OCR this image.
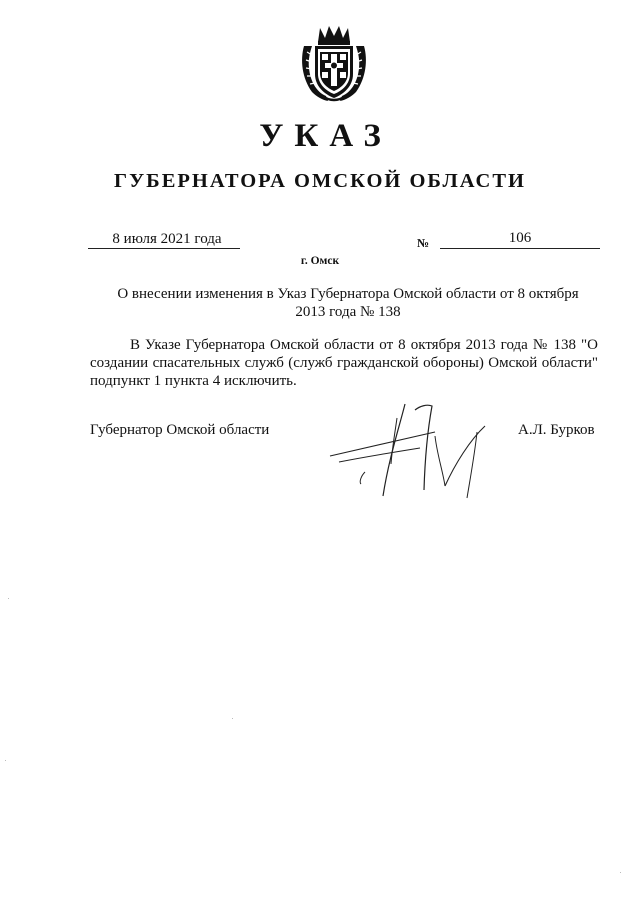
УКАЗ
ГУБЕРНАТОРА ОМСКОЙ ОБЛАСТИ
8 июля 2021 года	№	106
г. Омск
О внесении изменения в Указ Губернатора Омской области от 8 октября 2013 года № 138
В Указе Губернатора Омской области от 8 октября 2013 года № 138 "О создании спасательных служб (служб гражданской обороны) Омской области" подпункт 1 пункта 4 исключить.
Губернатор Омской области	А.Л. Бурков
